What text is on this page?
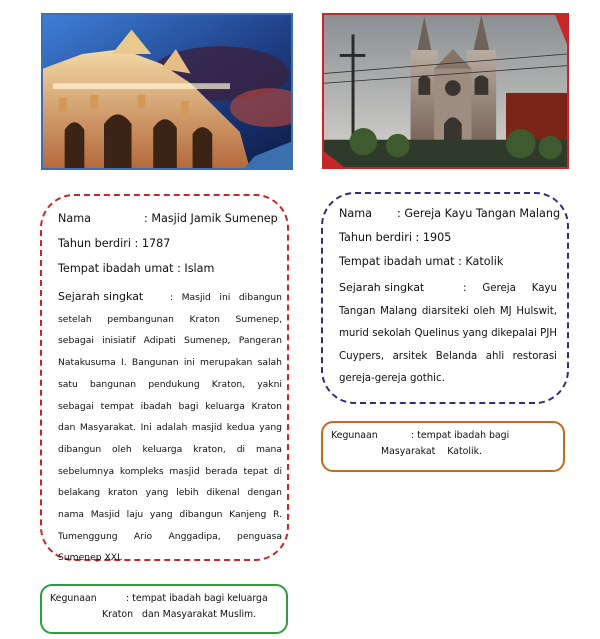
Nama	: Masjid Jamik Sumenep
Tahun berdiri : 1787
Tempat ibadah umat : Islam
Sejarah singkat	: Masjid ini dibangun setelah pembangunan Kraton Sumenep, sebagai inisiatif Adipati Sumenep, Pangeran Natakusuma I. Bangunan ini merupakan salah satu bangunan pendukung Kraton, yakni sebagai tempat ibadah bagi keluarga Kraton dan Masyarakat. Ini adalah masjid kedua yang dibangun oleh keluarga kraton, di mana sebelumnya kompleks masjid berada tepat di belakang kraton yang lebih dikenal dengan nama Masjid laju yang dibangun Kanjeng R. Tumenggung Ario Anggadipa, penguasa Sumenep XXI.
Nama : Gereja Kayu Tangan Malang
Tahun berdiri : 1905
Tempat ibadah umat : Katolik
Sejarah singkat	: Gereja Kayu Tangan Malang diarsiteki oleh MJ Hulswit, murid sekolah Quelinus yang dikepalai PJH Cuypers, arsitek Belanda ahli restorasi gereja-gereja gothic.
Kegunaan	: tempat ibadah bagi keluarga
Kraton   dan Masyarakat Muslim.
Kegunaan	: tempat ibadah bagi
Masyarakat    Katolik.
